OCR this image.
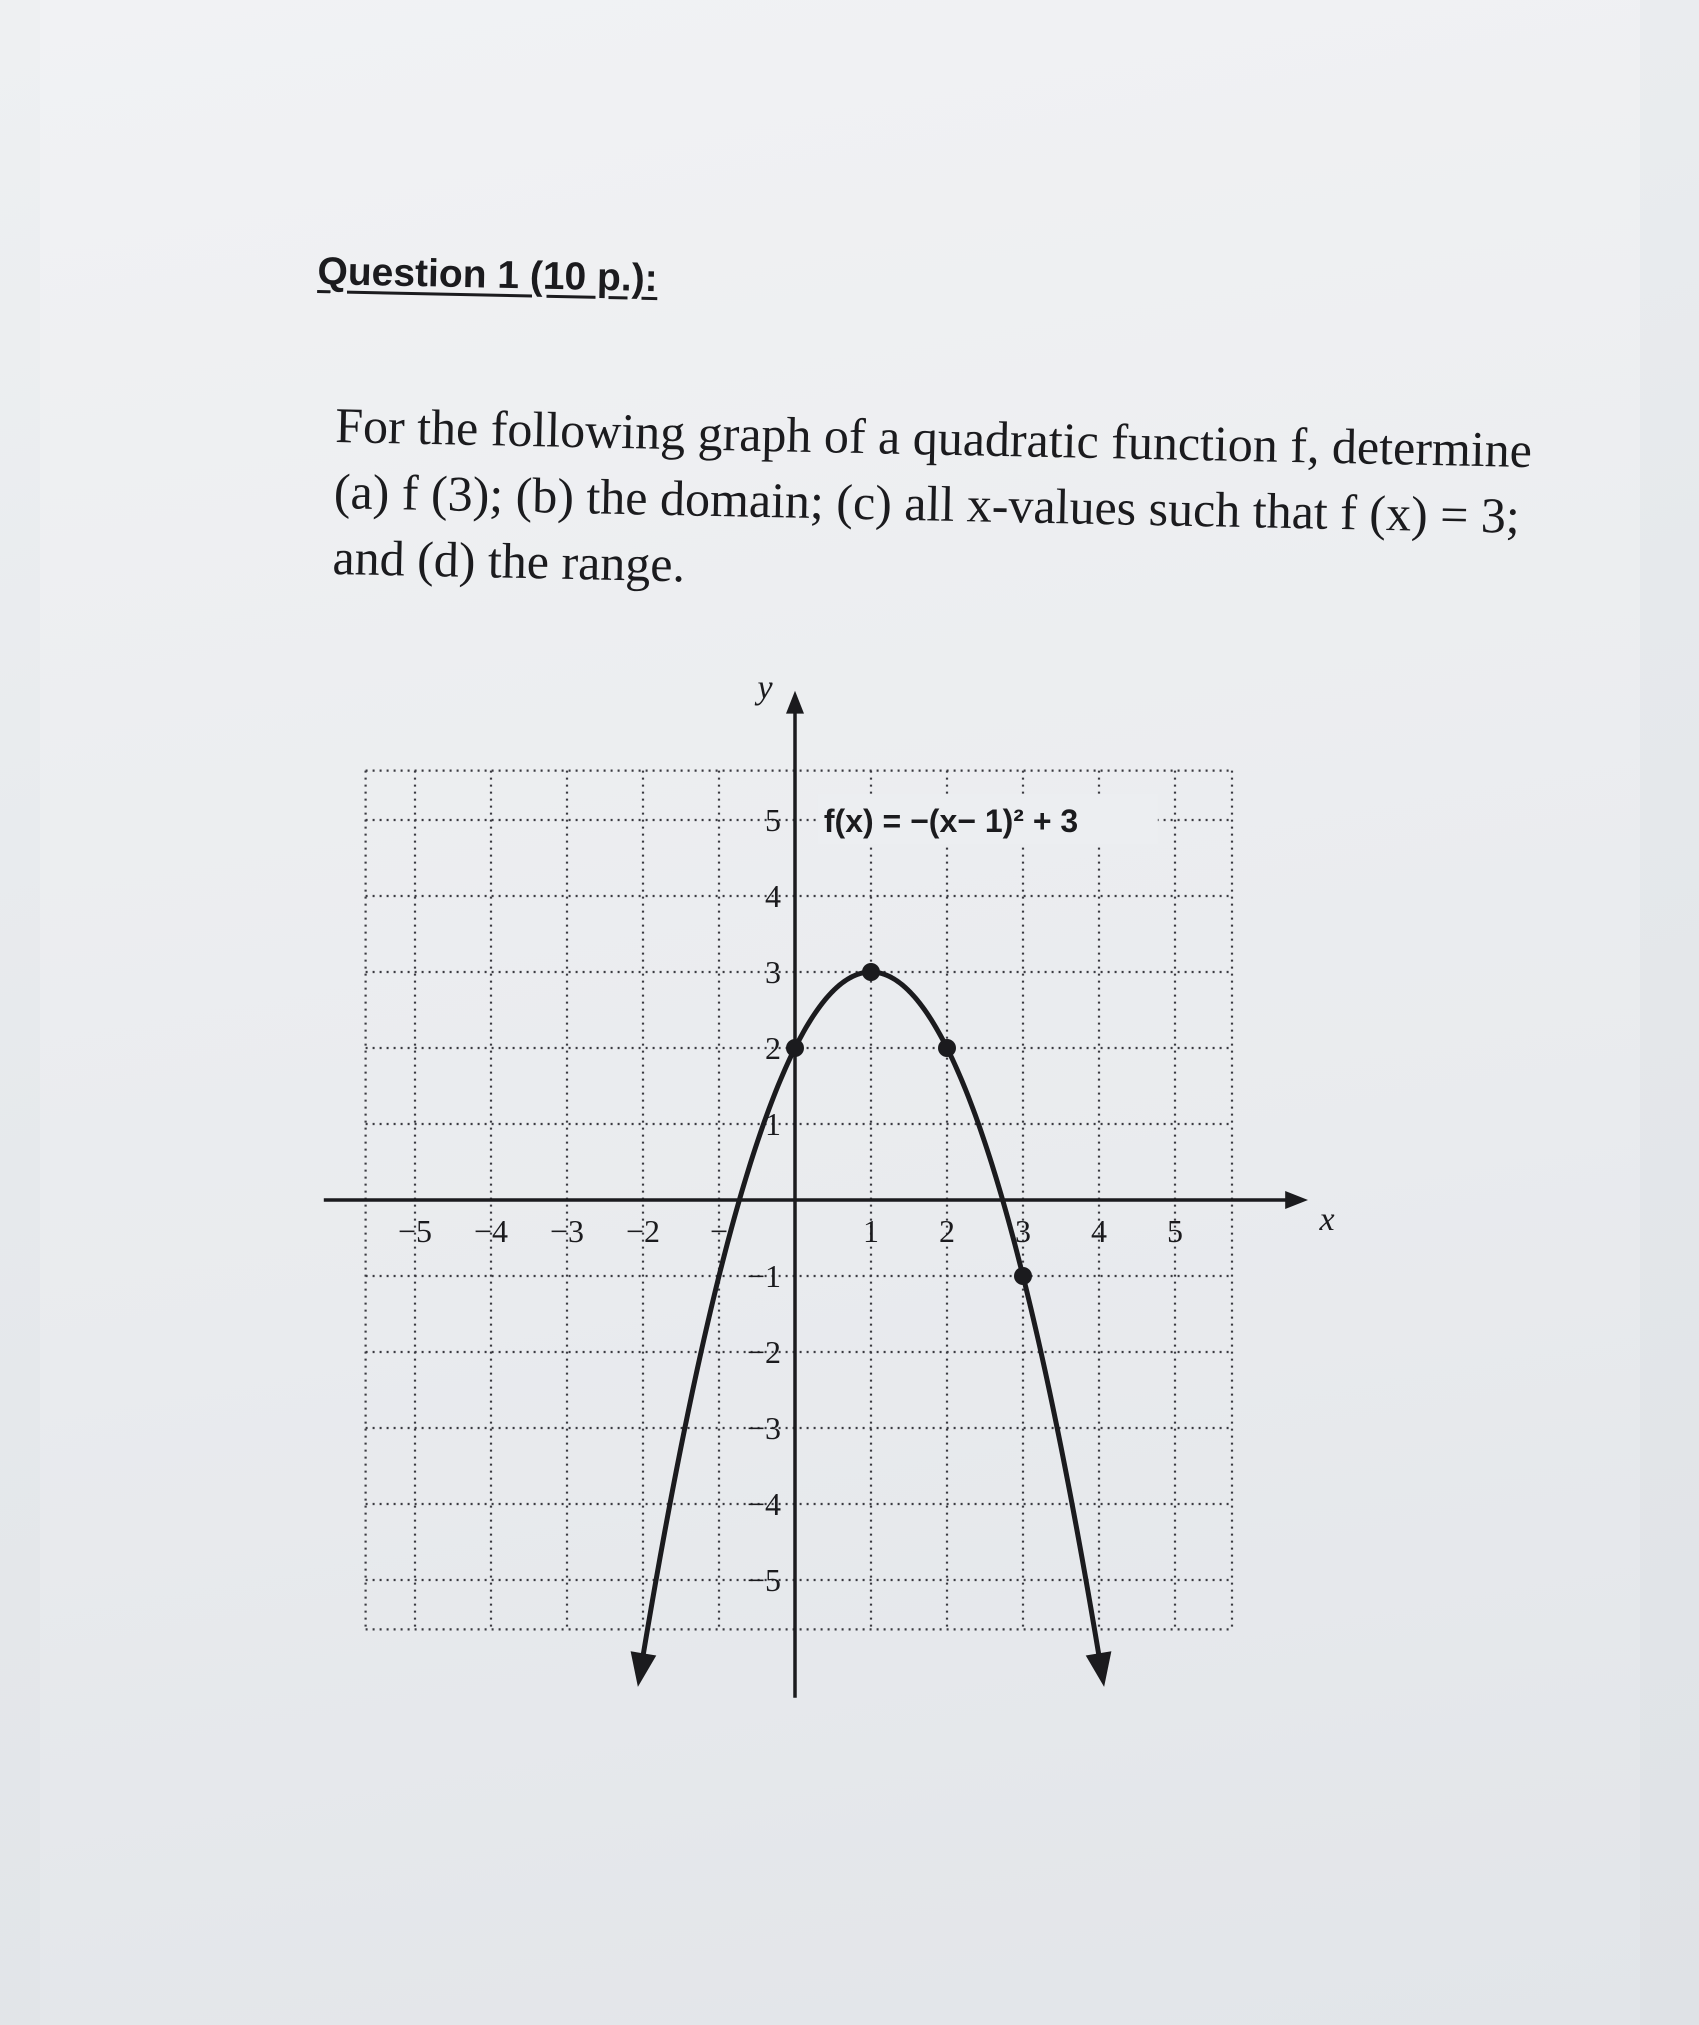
Question 1 (10 p.):

For the following graph of a quadratic function f, determine (a) f (3); (b) the domain; (c) all x-values such that f (x) = 3; and (d) the range.

x
y
−5 −4 −3 −2 −	1 2 3 4 5
5
4
3
2
1
−1
−2
−3
−4
−5
f(x) = −(x− 1)² + 3
